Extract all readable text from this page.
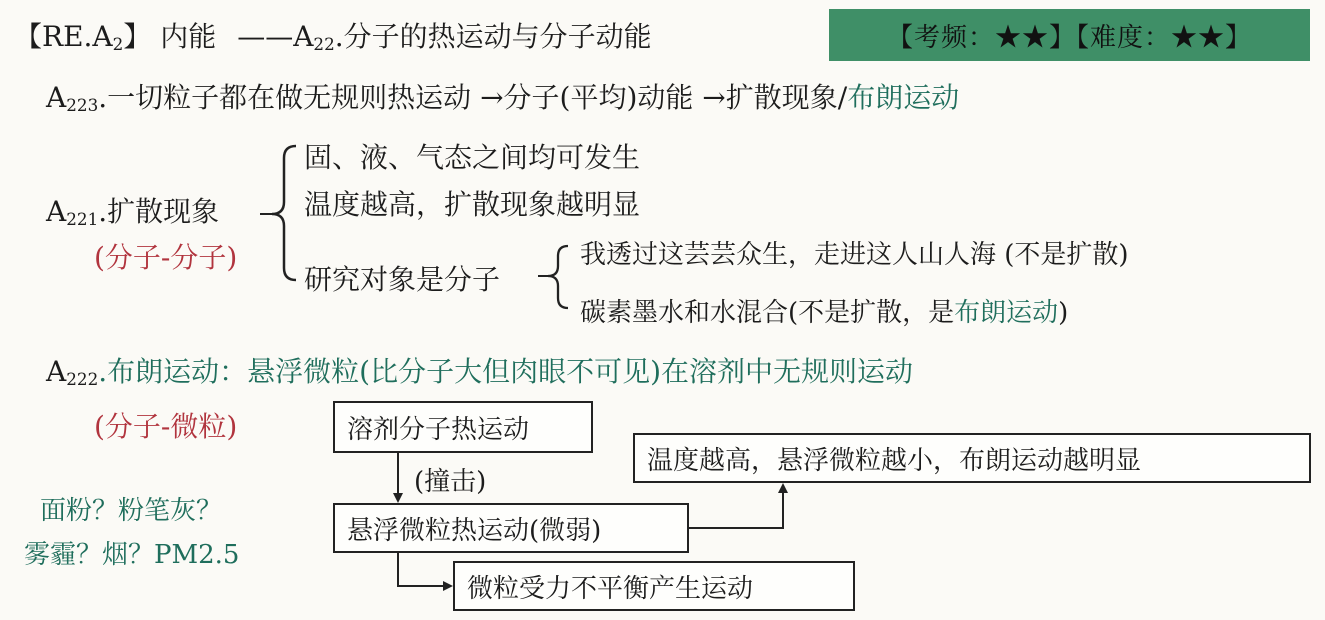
【$RE.A_2$】 内能 $——A_{22}$.分子的热运动与分子动能	【考频：★★】【难度：★★】
$A_{223}$.一切粒子都在做无规则热运动 →分子(平均)动能 →扩散现象/布朗运动
$A_{221}$.扩散现象
(分子-分子)
固、液、气态之间均可发生
温度越高，扩散现象越明显
研究对象是分子
我透过这芸芸众生，走进这人山人海 (不是扩散)
碳素墨水和水混合(不是扩散，是布朗运动)
$A_{222}$.布朗运动：悬浮微粒(比分子大但肉眼不可见)在溶剂中无规则运动
(分子-微粒)
面粉？粉笔灰？
雾霾？烟？PM2.5
溶剂分子热运动
(撞击)
悬浮微粒热运动(微弱)
微粒受力不平衡产生运动
温度越高，悬浮微粒越小，布朗运动越明显
